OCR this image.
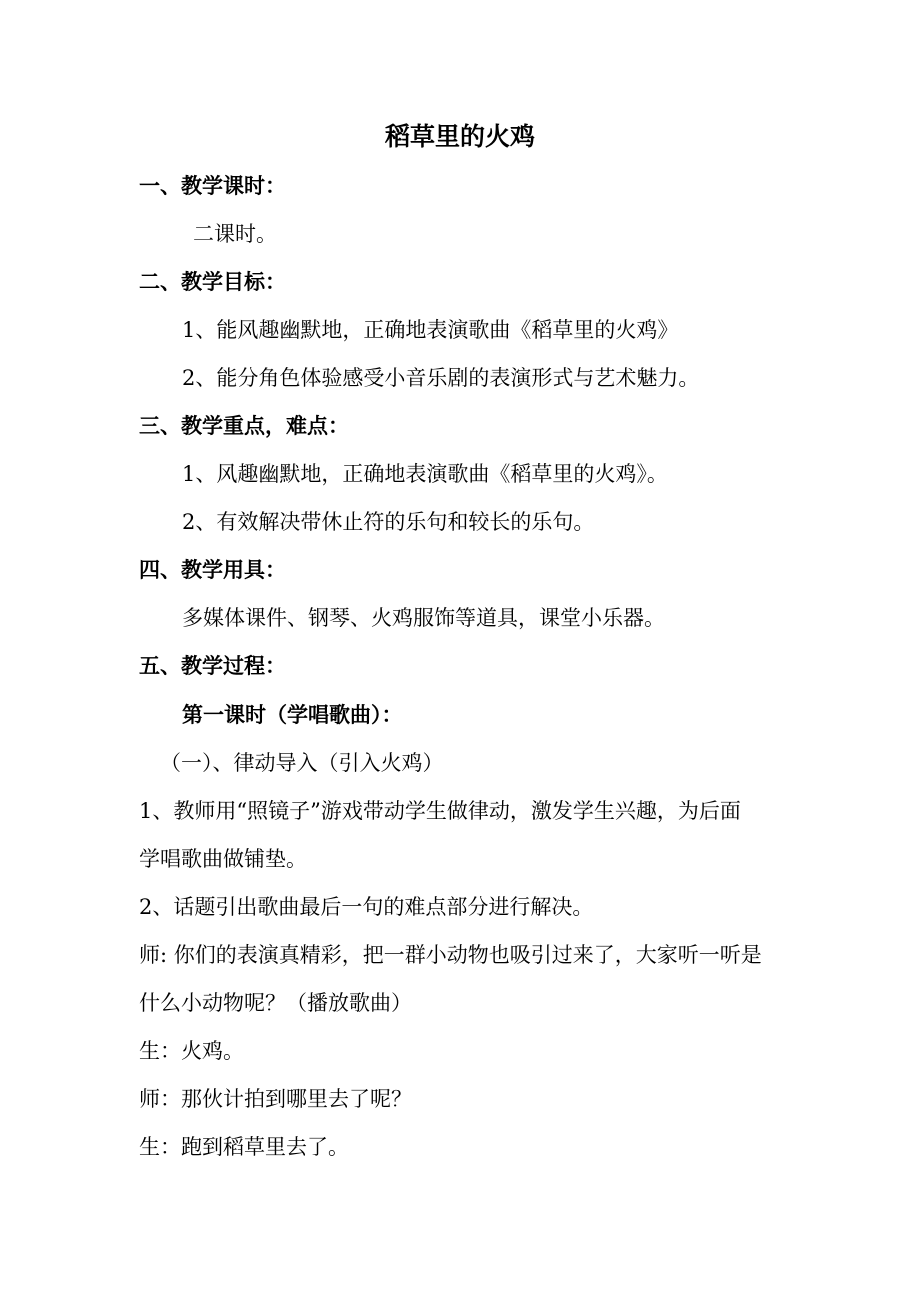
稻草里的火鸡
一、教学课时：
二课时。
二、教学目标：
1、能风趣幽默地，正确地表演歌曲《稻草里的火鸡》
2、能分角色体验感受小音乐剧的表演形式与艺术魅力。
三、教学重点，难点：
1、风趣幽默地，正确地表演歌曲《稻草里的火鸡》。
2、有效解决带休止符的乐句和较长的乐句。
四、教学用具：
多媒体课件、钢琴、火鸡服饰等道具，课堂小乐器。
五、教学过程：
第一课时（学唱歌曲）：
（一）、律动导入（引入火鸡）
1、教师用“照镜子”游戏带动学生做律动，激发学生兴趣，为后面
学唱歌曲做铺垫。
2、话题引出歌曲最后一句的难点部分进行解决。
师: 你们的表演真精彩，把一群小动物也吸引过来了，大家听一听是
什么小动物呢？（播放歌曲）
生：火鸡。
师：那伙计拍到哪里去了呢？
生：跑到稻草里去了。
